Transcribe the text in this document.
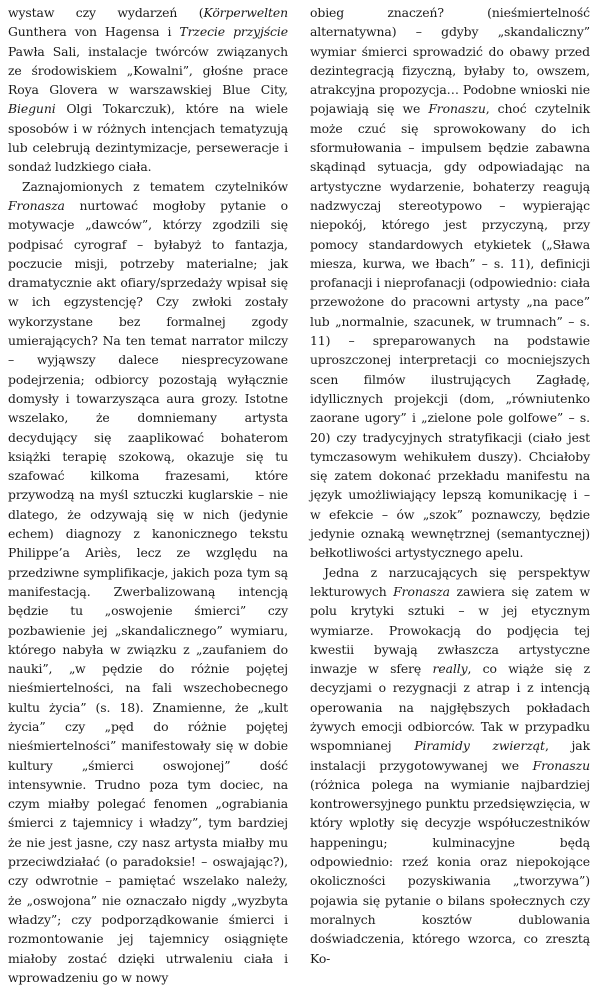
wystaw czy wydarzeń (Körperwelten Gunthera von Hagensa i Trzecie przyjście Pawła Sali, instalacje twórców związanych ze środowiskiem „Kowalni”, głośne prace Roya Glovera w warszawskiej Blue City, Bieguni Olgi Tokarczuk), które na wiele sposobów i w różnych intencjach tematyzują lub celebrują dezintymizacje, perseweracje i sondaż ludzkiego ciała.

Zaznajomionych z tematem czytelników Fronasza nurtować mogłoby pytanie o motywacje „dawców”, którzy zgodzili się podpisać cyrograf – byłabyż to fantazja, poczucie misji, potrzeby materialne; jak dramatycznie akt ofiary/sprzedaży wpisał się w ich egzystencję? Czy zwłoki zostały wykorzystane bez formalnej zgody umierających? Na ten temat narrator milczy – wyjąwszy dalece niesprecyzowane podejrzenia; odbiorcy pozostają wyłącznie domysły i towarzysząca aura grozy. Istotne wszelako, że domniemany artysta decydujący się zaaplikować bohaterom książki terapię szokową, okazuje się tu szafować kilkoma frazesami, które przywodzą na myśl sztuczki kuglarskie – nie dlatego, że odzywają się w nich (jedynie echem) diagnozy z kanonicznego tekstu Philippe’a Ariès, lecz ze względu na przedziwne symplifikacje, jakich poza tym są manifestacją. Zwerbalizowaną intencją będzie tu „oswojenie śmierci” czy pozbawienie jej „skandalicznego” wymiaru, którego nabyła w związku z „zaufaniem do nauki”, „w pędzie do różnie pojętej nieśmiertelności, na fali wszechobecnego kultu życia” (s. 18). Znamienne, że „kult życia” czy „pęd do różnie pojętej nieśmiertelności” manifestowały się w dobie kultury „śmierci oswojonej” dość intensywnie. Trudno poza tym dociec, na czym miałby polegać fenomen „ograbiania śmierci z tajemnicy i władzy”, tym bardziej że nie jest jasne, czy nasz artysta miałby mu przeciwdziałać (o paradoksie! – oswajając?), czy odwrotnie – pamiętać wszelako należy, że „oswojona” nie oznaczało nigdy „wyzbyta władzy”; czy podporządkowanie śmierci i rozmontowanie jej tajemnicy osiągnięte miałoby zostać dzięki utrwaleniu ciała i wprowadzeniu go w nowy

obieg znaczeń? (nieśmiertelność alternatywna) – gdyby „skandaliczny” wymiar śmierci sprowadzić do obawy przed dezintegracją fizyczną, byłaby to, owszem, atrakcyjna propozycja… Podobne wnioski nie pojawiają się we Fronaszu, choć czytelnik może czuć się sprowokowany do ich sformułowania – impulsem będzie zabawna skądinąd sytuacja, gdy odpowiadając na artystyczne wydarzenie, bohaterzy reagują nadzwyczaj stereotypowo – wypierając niepokój, którego jest przyczyną, przy pomocy standardowych etykietek („Sława miesza, kurwa, we łbach” – s. 11), definicji profanacji i nieprofanacji (odpowiednio: ciała przewożone do pracowni artysty „na pace” lub „normalnie, szacunek, w trumnach” – s. 11) – spreparowanych na podstawie uproszczonej interpretacji co mocniejszych scen filmów ilustrujących Zagładę, idyllicznych projekcji (dom, „równiutenko zaorane ugory” i „zielone pole golfowe” – s. 20) czy tradycyjnych stratyfikacji (ciało jest tymczasowym wehikułem duszy). Chciałoby się zatem dokonać przekładu manifestu na język umożliwiający lepszą komunikację i – w efekcie – ów „szok” poznawczy, będzie jedynie oznaką wewnętrznej (semantycznej) bełkotliwości artystycznego apelu.

Jedna z narzucających się perspektyw lekturowych Fronasza zawiera się zatem w polu krytyki sztuki – w jej etycznym wymiarze. Prowokacją do podjęcia tej kwestii bywają zwłaszcza artystyczne inwazje w sferę really, co wiąże się z decyzjami o rezygnacji z atrap i z intencją operowania na najgłębszych pokładach żywych emocji odbiorców. Tak w przypadku wspomnianej Piramidy zwierząt, jak instalacji przygotowywanej we Fronaszu (różnica polega na wymianie najbardziej kontrowersyjnego punktu przedsięwzięcia, w który wplotły się decyzje współuczestników happeningu; kulminacyjne będą odpowiednio: rzeź konia oraz niepokojące okoliczności pozyskiwania „tworzywa”) pojawia się pytanie o bilans społecznych czy moralnych kosztów dublowania doświadczenia, którego wzorca, co zresztą Ko-
